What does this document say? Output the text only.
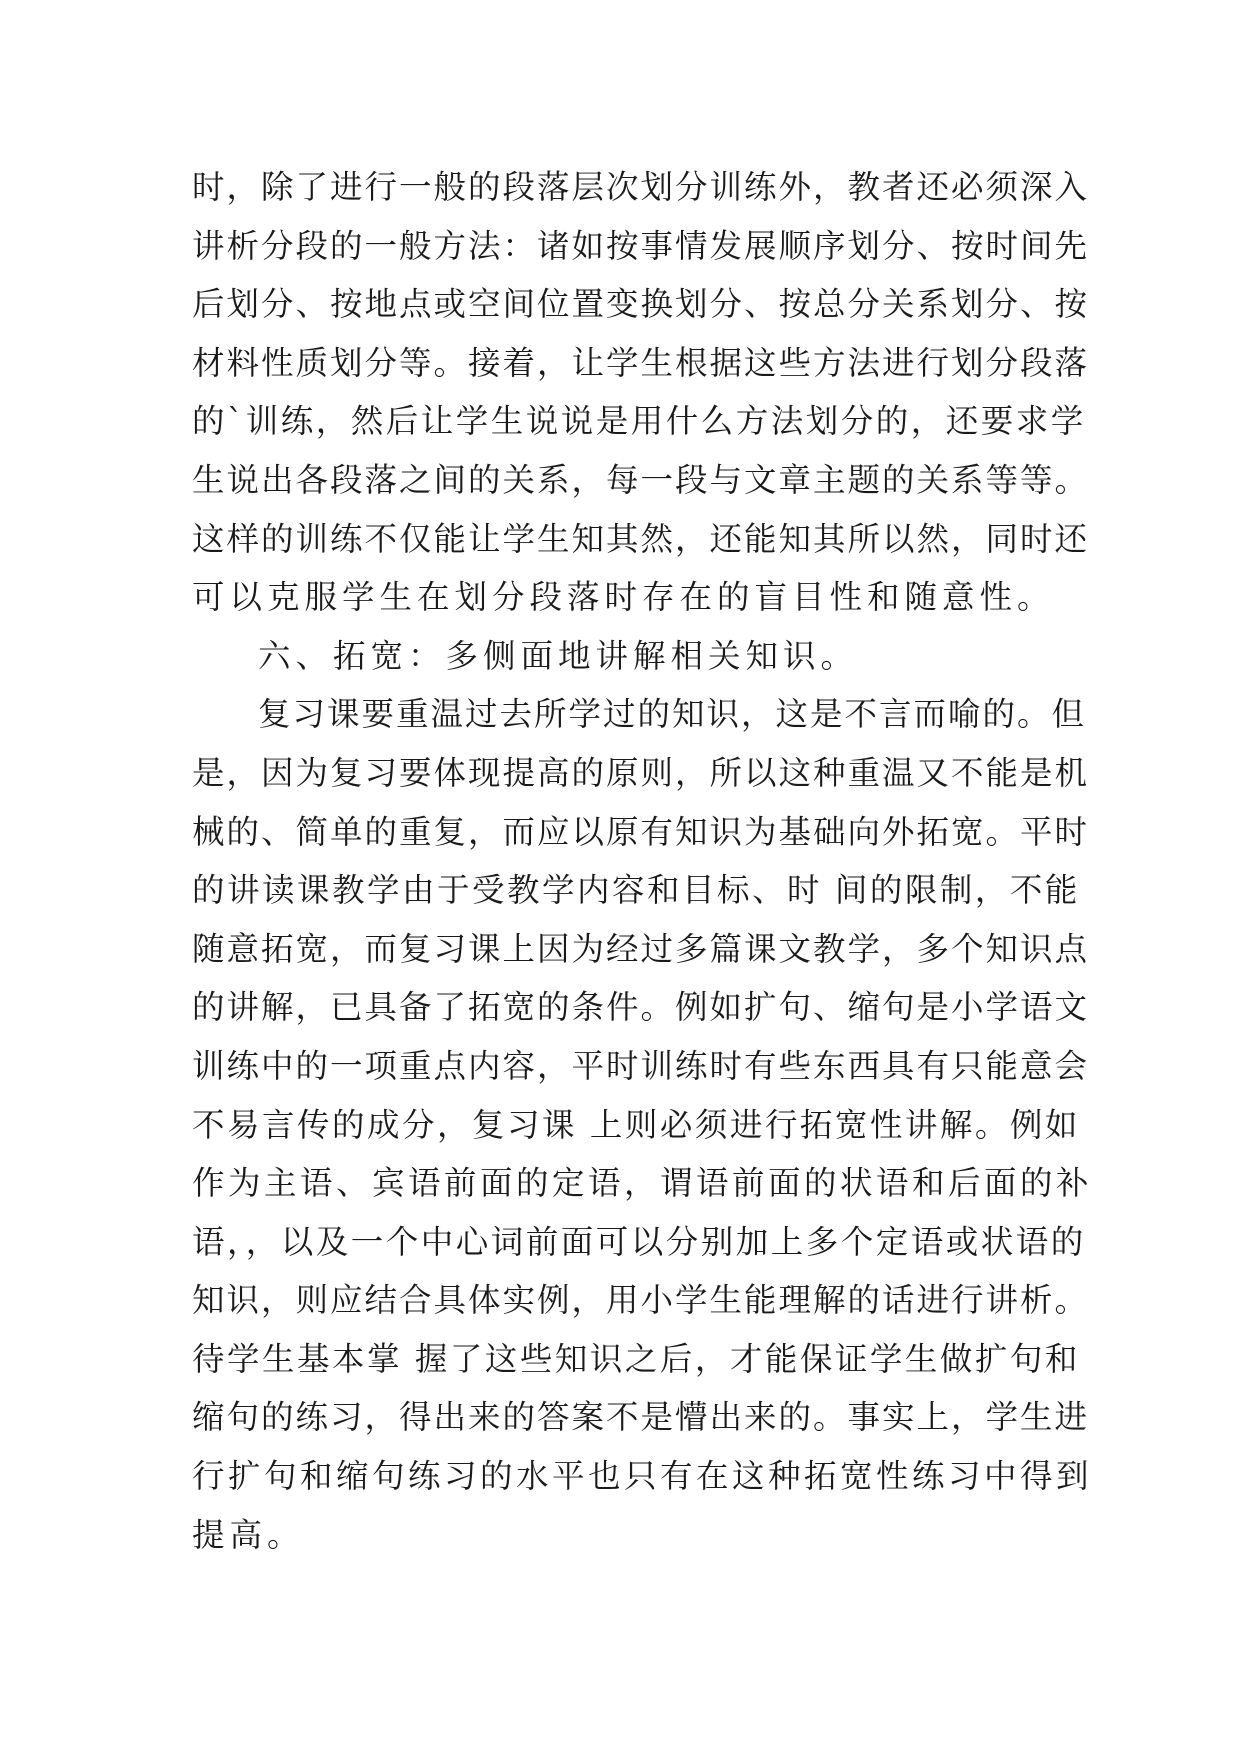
时，除了进行一般的段落层次划分训练外，教者还必须深入
讲析分段的一般方法：诸如按事情发展顺序划分、按时间先
后划分、按地点或空间位置变换划分、按总分关系划分、按
材料性质划分等。接着，让学生根据这些方法进行划分段落
的`训练，然后让学生说说是用什么方法划分的，还要求学
生说出各段落之间的关系，每一段与文章主题的关系等等。
这样的训练不仅能让学生知其然，还能知其所以然，同时还
可以克服学生在划分段落时存在的盲目性和随意性。
六、拓宽：多侧面地讲解相关知识。
复习课要重温过去所学过的知识，这是不言而喻的。但
是，因为复习要体现提高的原则，所以这种重温又不能是机
械的、简单的重复，而应以原有知识为基础向外拓宽。平时
的讲读课教学由于受教学内容和目标、时 间的限制，不能
随意拓宽，而复习课上因为经过多篇课文教学，多个知识点
的讲解，已具备了拓宽的条件。例如扩句、缩句是小学语文
训练中的一项重点内容，平时训练时有些东西具有只能意会
不易言传的成分，复习课 上则必须进行拓宽性讲解。例如
作为主语、宾语前面的定语，谓语前面的状语和后面的补
语，，以及一个中心词前面可以分别加上多个定语或状语的
知识，则应结合具体实例，用小学生能理解的话进行讲析。
待学生基本掌 握了这些知识之后，才能保证学生做扩句和
缩句的练习，得出来的答案不是懵出来的。事实上，学生进
行扩句和缩句练习的水平也只有在这种拓宽性练习中得到
提高。
